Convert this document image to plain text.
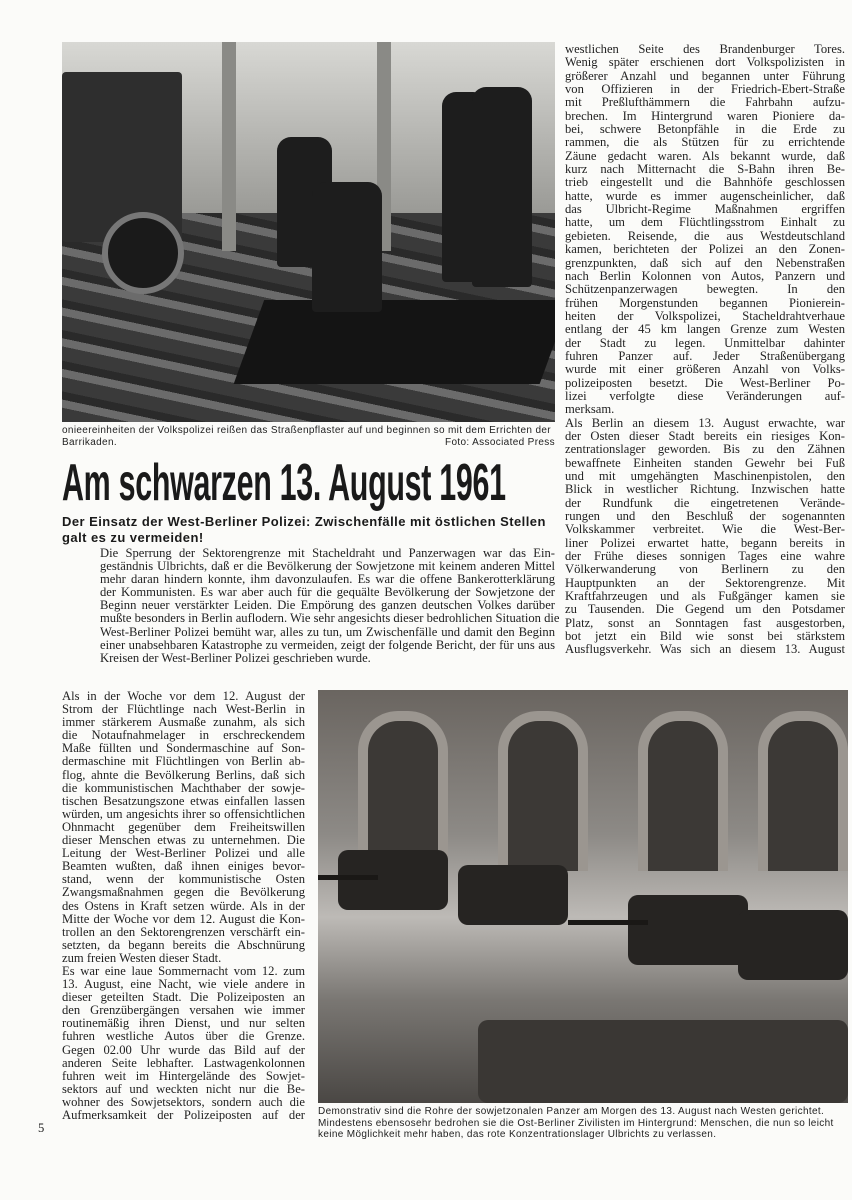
onieereinheiten der Volkspolizei reißen das Straßenpflaster auf und beginnen so mit dem Errichten der Barrikaden.	Foto: Associated Press
Am schwarzen 13. August 1961
Der Einsatz der West-Berliner Polizei: Zwischenfälle mit östlichen Stellen galt es zu vermeiden!
Die Sperrung der Sektorengrenze mit Stacheldraht und Panzerwagen war das Ein-
geständnis Ulbrichts, daß er die Bevölkerung der Sowjetzone mit keinem anderen Mittel
mehr daran hindern konnte, ihm davonzulaufen. Es war die offene Bankerotterklärung
der Kommunisten. Es war aber auch für die gequälte Bevölkerung der Sowjetzone der
Beginn neuer verstärkter Leiden. Die Empörung des ganzen deutschen Volkes darüber
mußte besonders in Berlin auflodern. Wie sehr angesichts dieser bedrohlichen Situation die
West-Berliner Polizei bemüht war, alles zu tun, um Zwischenfälle und damit den Beginn
einer unabsehbaren Katastrophe zu vermeiden, zeigt der folgende Bericht, der für uns aus
Kreisen der West-Berliner Polizei geschrieben wurde.
westlichen Seite des Brandenburger Tores.
Wenig später erschienen dort Volkspolizisten in
größerer Anzahl und begannen unter Führung
von Offizieren in der Friedrich-Ebert-Straße
mit Preßlufthämmern die Fahrbahn aufzu-
brechen. Im Hintergrund waren Pioniere da-
bei, schwere Betonpfähle in die Erde zu
rammen, die als Stützen für zu errichtende
Zäune gedacht waren. Als bekannt wurde, daß
kurz nach Mitternacht die S-Bahn ihren Be-
trieb eingestellt und die Bahnhöfe geschlossen
hatte, wurde es immer augenscheinlicher, daß
das Ulbricht-Regime Maßnahmen ergriffen
hatte, um dem Flüchtlingsstrom Einhalt zu
gebieten. Reisende, die aus Westdeutschland
kamen, berichteten der Polizei an den Zonen-
grenzpunkten, daß sich auf den Nebenstraßen
nach Berlin Kolonnen von Autos, Panzern und
Schützenpanzerwagen bewegten. In den
frühen Morgenstunden begannen Pionierein-
heiten der Volkspolizei, Stacheldrahtverhaue
entlang der 45 km langen Grenze zum Westen
der Stadt zu legen. Unmittelbar dahinter
fuhren Panzer auf. Jeder Straßenübergang
wurde mit einer größeren Anzahl von Volks-
polizeiposten besetzt. Die West-Berliner Po-
lizei verfolgte diese Veränderungen auf-
merksam.
Als Berlin an diesem 13. August erwachte, war
der Osten dieser Stadt bereits ein riesiges Kon-
zentrationslager geworden. Bis zu den Zähnen
bewaffnete Einheiten standen Gewehr bei Fuß
und mit umgehängten Maschinenpistolen, den
Blick in westlicher Richtung. Inzwischen hatte
der Rundfunk die eingetretenen Verände-
rungen und den Beschluß der sogenannten
Volkskammer verbreitet. Wie die West-Ber-
liner Polizei erwartet hatte, begann bereits in
der Frühe dieses sonnigen Tages eine wahre
Völkerwanderung von Berlinern zu den
Hauptpunkten an der Sektorengrenze. Mit
Kraftfahrzeugen und als Fußgänger kamen sie
zu Tausenden. Die Gegend um den Potsdamer
Platz, sonst an Sonntagen fast ausgestorben,
bot jetzt ein Bild wie sonst bei stärkstem
Ausflugsverkehr. Was sich an diesem 13. August
Als in der Woche vor dem 12. August der
Strom der Flüchtlinge nach West-Berlin in
immer stärkerem Ausmaße zunahm, als sich
die Notaufnahmelager in erschreckendem
Maße füllten und Sondermaschine auf Son-
dermaschine mit Flüchtlingen von Berlin ab-
flog, ahnte die Bevölkerung Berlins, daß sich
die kommunistischen Machthaber der sowje-
tischen Besatzungszone etwas einfallen lassen
würden, um angesichts ihrer so offensichtlichen
Ohnmacht gegenüber dem Freiheitswillen
dieser Menschen etwas zu unternehmen. Die
Leitung der West-Berliner Polizei und alle
Beamten wußten, daß ihnen einiges bevor-
stand, wenn der kommunistische Osten
Zwangsmaßnahmen gegen die Bevölkerung
des Ostens in Kraft setzen würde. Als in der
Mitte der Woche vor dem 12. August die Kon-
trollen an den Sektorengrenzen verschärft ein-
setzten, da begann bereits die Abschnürung
zum freien Westen dieser Stadt.
Es war eine laue Sommernacht vom 12. zum
13. August, eine Nacht, wie viele andere in
dieser geteilten Stadt. Die Polizeiposten an
den Grenzübergängen versahen wie immer
routinemäßig ihren Dienst, und nur selten
fuhren westliche Autos über die Grenze.
Gegen 02.00 Uhr wurde das Bild auf der
anderen Seite lebhafter. Lastwagenkolonnen
fuhren weit im Hintergelände des Sowjet-
sektors auf und weckten nicht nur die Be-
wohner des Sowjetsektors, sondern auch die
Aufmerksamkeit der Polizeiposten auf der Demonstrativ sind die Rohre der sowjetzonalen Panzer am Morgen des 13. August nach Westen gerichtet. Mindestens ebensosehr bedrohen sie die Ost-Berliner Zivilisten im Hintergrund: Menschen, die nun so leicht keine Möglichkeit mehr haben, das rote Konzentrationslager Ulbrichts zu verlassen.
5
